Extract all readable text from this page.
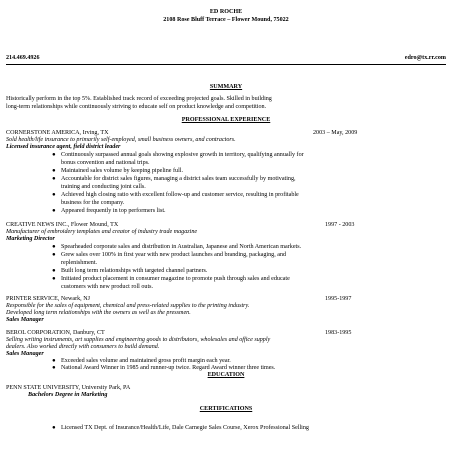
ED ROCHE
2108 Rose Bluff Terrace – Flower Mound, 75022
214.469.4926	edro@tx.rr.com
SUMMARY
Historically perform in the top 5%. Established track record of exceeding projected goals. Skilled in building
long-term relationships while continuously striving to educate self on product knowledge and competition.
PROFESSIONAL EXPERIENCE
CORNERSTONE AMERICA, Irving, TX	2003 – May, 2009
Sold health/life insurance to primarily self-employed, small business owners, and contractors.
Licensed insurance agent, field district leader
● Continuously surpassed annual goals showing explosive growth in territory, qualifying annually for
bonus convention and national trips.
● Maintained sales volume by keeping pipeline full.
● Accountable for district sales figures, managing a district sales team successfully by motivating,
training and conducting joint calls.
● Achieved high closing ratio with excellent follow-up and customer service, resulting in profitable
business for the company.
● Appeared frequently in top performers list.
CREATIVE NEWS INC., Flower Mound, TX	1997 - 2003
Manufacturer of embroidery templates and creator of industry trade magazine
Marketing Director
● Spearheaded corporate sales and distribution in Australian, Japanese and North American markets.
● Grew sales over 100% in first year with new product launches and branding, packaging, and
replenishment.
● Built long term relationships with targeted channel partners.
● Initiated product placement in consumer magazine to promote push through sales and educate
customers with new product roll outs.
PRINTER SERVICE, Newark, NJ	1995-1997
Responsible for the sales of equipment, chemical and press-related supplies to the printing industry.
Developed long term relationships with the owners as well as the pressmen.
Sales Manager
BEROL CORPORATION, Danbury, CT	1983-1995
Selling writing instruments, art supplies and engineering goods to distributors, wholesales and office supply
dealers. Also worked directly with consumers to build demand.
Sales Manager
● Exceeded sales volume and maintained gross profit margin each year.
● National Award Winner in 1985 and runner-up twice. Regard Award winner three times.
EDUCATION
PENN STATE UNIVERSITY, University Park, PA
Bachelors Degree in Marketing
CERTIFICATIONS
● Licensed TX Dept. of Insurance/Health/Life, Dale Carnegie Sales Course, Xerox Professional Selling
